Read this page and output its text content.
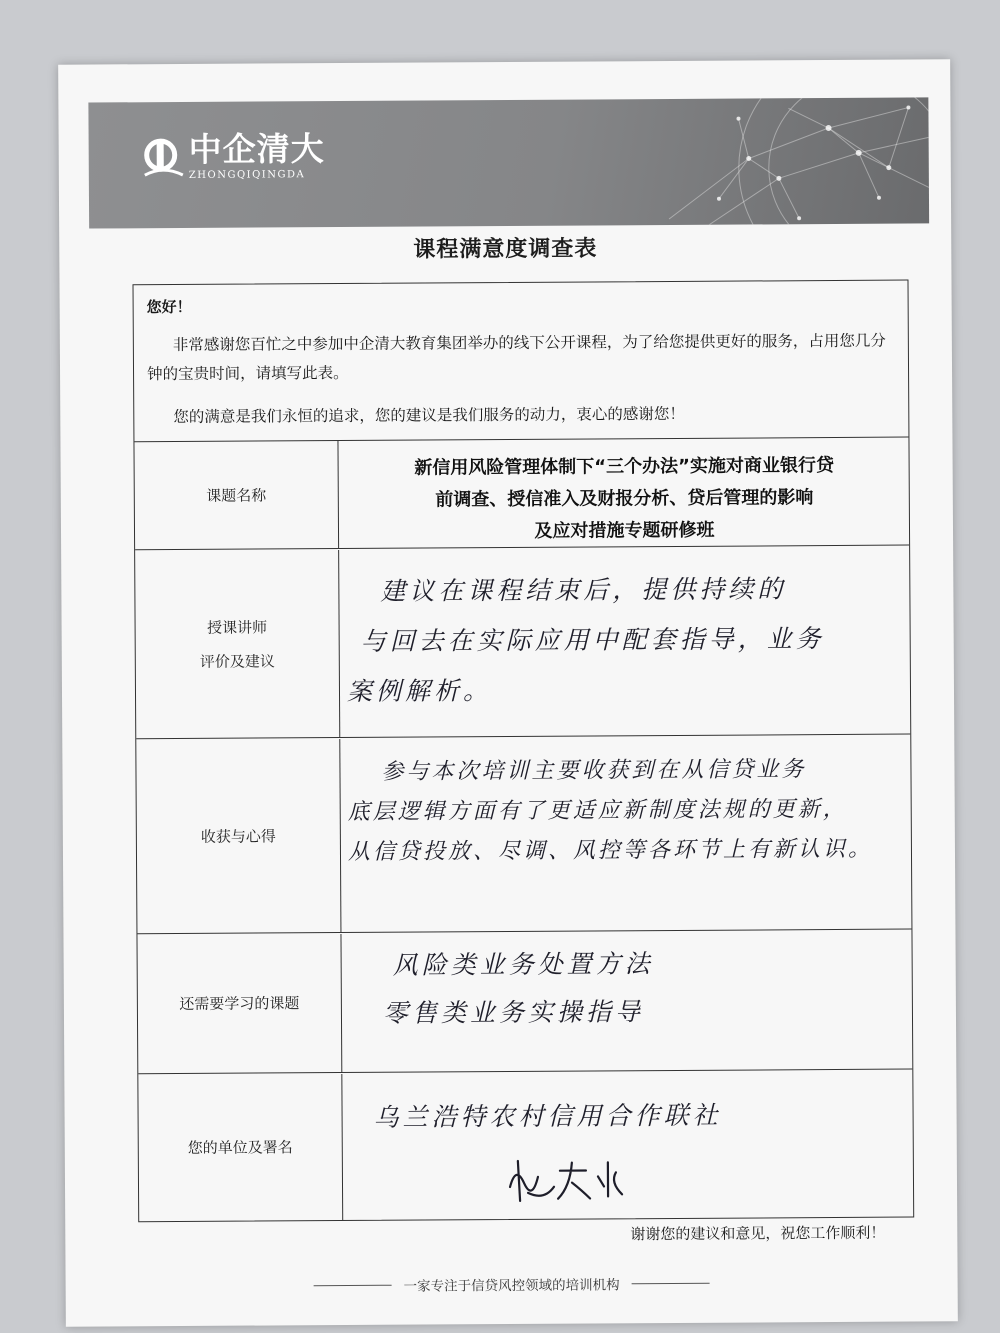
中企清大
ZHONGQIQINGDA
课程满意度调查表
您好！
非常感谢您百忙之中参加中企清大教育集团举办的线下公开课程，为了给您提供更好的服务，占用您几分钟的宝贵时间，请填写此表。
您的满意是我们永恒的追求，您的建议是我们服务的动力，衷心的感谢您！
课题名称
新信用风险管理体制下“三个办法”实施对商业银行贷
前调查、授信准入及财报分析、贷后管理的影响
及应对措施专题研修班
授课讲师
评价及建议
建议在课程结束后，提供持续的
与回去在实际应用中配套指导，业务
案例解析。
收获与心得
参与本次培训主要收获到在从信贷业务
底层逻辑方面有了更适应新制度法规的更新，
从信贷投放、尽调、风控等各环节上有新认识。
还需要学习的课题
风险类业务处置方法
零售类业务实操指导
您的单位及署名
乌兰浩特农村信用合作联社
谢谢您的建议和意见，祝您工作顺利！
一家专注于信贷风控领域的培训机构
